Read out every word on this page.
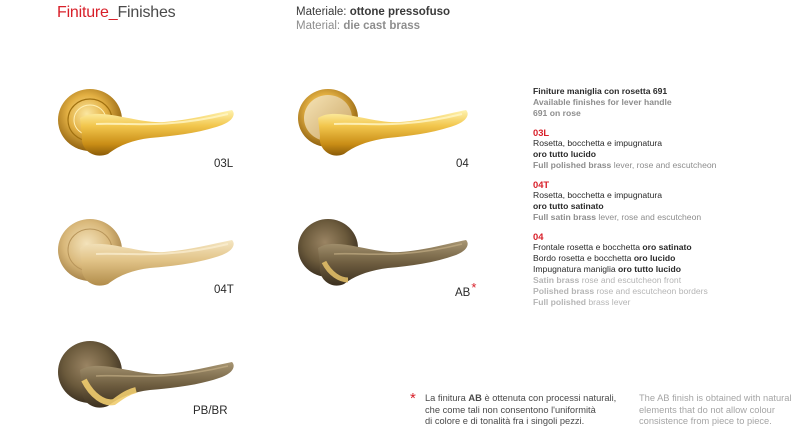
Finiture_Finishes	Materiale: ottone pressofuso
Material: die cast brass
03L	04
04T	AB*
PB/BR
Finiture maniglia con rosetta 691
Available finishes for lever handle
691 on rose
03L
Rosetta, bocchetta e impugnatura
oro tutto lucido
Full polished brass lever, rose and escutcheon
04T
Rosetta, bocchetta e impugnatura
oro tutto satinato
Full satin brass lever, rose and escutcheon
04
Frontale rosetta e bocchetta oro satinato
Bordo rosetta e bocchetta oro lucido
Impugnatura maniglia oro tutto lucido
Satin brass rose and escutcheon front
Polished brass rose and escutcheon borders
Full polished brass lever
* La finitura AB è ottenuta con processi naturali,
che come tali non consentono l'uniformità
di colore e di tonalità fra i singoli pezzi.
The AB finish is obtained with natural
elements that do not allow colour
consistence from piece to piece.
